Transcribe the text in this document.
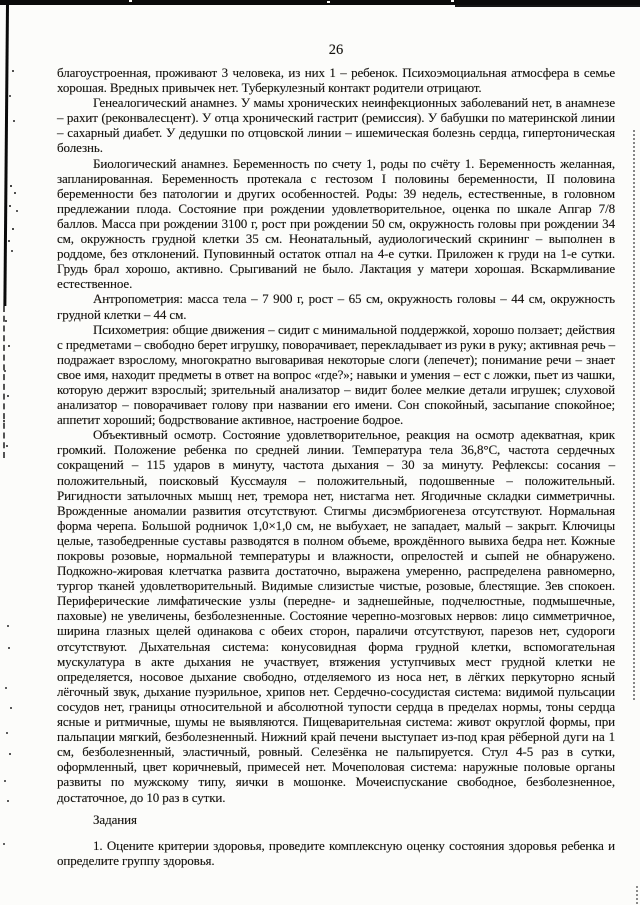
26

благоустроенная, проживают 3 человека, из них 1 – ребенок. Психоэмоциальная атмосфера в семье хорошая. Вредных привычек нет. Туберкулезный контакт родители отрицают.

Генеалогический анамнез. У мамы хронических неинфекционных заболеваний нет, в анамнезе – рахит (реконвалесцент). У отца хронический гастрит (ремиссия). У бабушки по материнской линии – сахарный диабет. У дедушки по отцовской линии – ишемическая болезнь сердца, гипертоническая болезнь.

Биологический анамнез. Беременность по счету 1, роды по счёту 1. Беременность желанная, запланированная. Беременность протекала с гестозом I половины беременности, II половина беременности без патологии и других особенностей. Роды: 39 недель, естественные, в головном предлежании плода. Состояние при рождении удовлетворительное, оценка по шкале Апгар 7/8 баллов. Масса при рождении 3100 г, рост при рождении 50 см, окружность головы при рождении 34 см, окружность грудной клетки 35 см. Неонатальный, аудиологический скрининг – выполнен в роддоме, без отклонений. Пуповинный остаток отпал на 4-е сутки. Приложен к груди на 1-е сутки. Грудь брал хорошо, активно. Срыгиваний не было. Лактация у матери хорошая. Вскармливание естественное.

Антропометрия: масса тела – 7 900 г, рост – 65 см, окружность головы – 44 см, окружность грудной клетки – 44 см.

Психометрия: общие движения – сидит с минимальной поддержкой, хорошо ползает; действия с предметами – свободно берет игрушку, поворачивает, перекладывает из руки в руку; активная речь – подражает взрослому, многократно выговаривая некоторые слоги (лепечет); понимание речи – знает свое имя, находит предметы в ответ на вопрос «где?»; навыки и умения – ест с ложки, пьет из чашки, которую держит взрослый; зрительный анализатор – видит более мелкие детали игрушек; слуховой анализатор – поворачивает голову при названии его имени. Сон спокойный, засыпание спокойное; аппетит хороший; бодрствование активное, настроение бодрое.

Объективный осмотр. Состояние удовлетворительное, реакция на осмотр адекватная, крик громкий. Положение ребенка по средней линии. Температура тела 36,8°С, частота сердечных сокращений – 115 ударов в минуту, частота дыхания – 30 за минуту. Рефлексы: сосания – положительный, поисковый Куссмауля – положительный, подошвенные – положительный. Ригидности затылочных мышц нет, тремора нет, нистагма нет. Ягодичные складки симметричны. Врожденные аномалии развития отсутствуют. Стигмы дисэмбриогенеза отсутствуют. Нормальная форма черепа. Большой родничок 1,0×1,0 см, не выбухает, не западает, малый – закрыт. Ключицы целые, тазобедренные суставы разводятся в полном объеме, врождённого вывиха бедра нет. Кожные покровы розовые, нормальной температуры и влажности, опрелостей и сыпей не обнаружено. Подкожно-жировая клетчатка развита достаточно, выражена умеренно, распределена равномерно, тургор тканей удовлетворительный. Видимые слизистые чистые, розовые, блестящие. Зев спокоен. Периферические лимфатические узлы (передне- и заднешейные, подчелюстные, подмышечные, паховые) не увеличены, безболезненные. Состояние черепно-мозговых нервов: лицо симметричное, ширина глазных щелей одинакова с обеих сторон, параличи отсутствуют, парезов нет, судороги отсутствуют. Дыхательная система: конусовидная форма грудной клетки, вспомогательная мускулатура в акте дыхания не участвует, втяжения уступчивых мест грудной клетки не определяется, носовое дыхание свободно, отделяемого из носа нет, в лёгких перкуторно ясный лёгочный звук, дыхание пуэрильное, хрипов нет. Сердечно-сосудистая система: видимой пульсации сосудов нет, границы относительной и абсолютной тупости сердца в пределах нормы, тоны сердца ясные и ритмичные, шумы не выявляются. Пищеварительная система: живот округлой формы, при пальпации мягкий, безболезненный. Нижний край печени выступает из-под края рёберной дуги на 1 см, безболезненный, эластичный, ровный. Селезёнка не пальпируется. Стул 4-5 раз в сутки, оформленный, цвет коричневый, примесей нет. Мочеполовая система: наружные половые органы развиты по мужскому типу, яички в мошонке. Мочеиспускание свободное, безболезненное, достаточное, до 10 раз в сутки.

Задания

1. Оцените критерии здоровья, проведите комплексную оценку состояния здоровья ребенка и определите группу здоровья.
